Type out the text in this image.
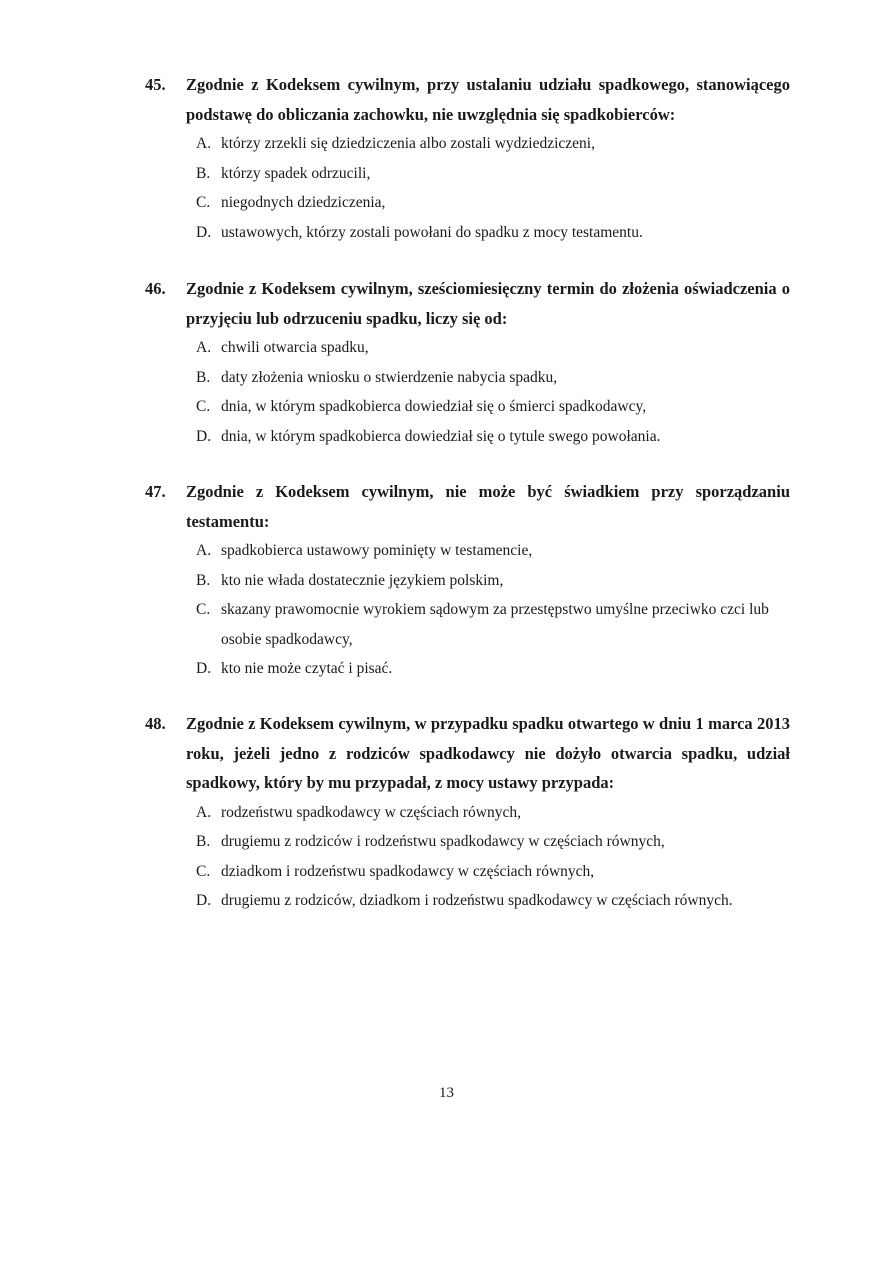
45.	Zgodnie z Kodeksem cywilnym, przy ustalaniu udziału spadkowego, stanowiącego podstawę do obliczania zachowku, nie uwzględnia się spadkobierców:
A. którzy zrzekli się dziedziczenia albo zostali wydziedziczeni,
B. którzy spadek odrzucili,
C. niegodnych dziedziczenia,
D. ustawowych, którzy zostali powołani do spadku z mocy testamentu.
46.	Zgodnie z Kodeksem cywilnym, sześciomiesięczny termin do złożenia oświadczenia o przyjęciu lub odrzuceniu spadku, liczy się od:
A. chwili otwarcia spadku,
B. daty złożenia wniosku o stwierdzenie nabycia spadku,
C. dnia, w którym spadkobierca dowiedział się o śmierci spadkodawcy,
D. dnia, w którym spadkobierca dowiedział się o tytule swego powołania.
47.	Zgodnie z Kodeksem cywilnym, nie może być świadkiem przy sporządzaniu testamentu:
A. spadkobierca ustawowy pominięty w testamencie,
B. kto nie włada dostatecznie językiem polskim,
C. skazany prawomocnie wyrokiem sądowym za przestępstwo umyślne przeciwko czci lub osobie spadkodawcy,
D. kto nie może czytać i pisać.
48.	Zgodnie z Kodeksem cywilnym, w przypadku spadku otwartego w dniu 1 marca 2013 roku, jeżeli jedno z rodziców spadkodawcy nie dożyło otwarcia spadku, udział spadkowy, który by mu przypadał, z mocy ustawy przypada:
A. rodzeństwu spadkodawcy w częściach równych,
B. drugiemu z rodziców i rodzeństwu spadkodawcy w częściach równych,
C. dziadkom i rodzeństwu spadkodawcy w częściach równych,
D. drugiemu z rodziców, dziadkom i rodzeństwu spadkodawcy w częściach równych.
13
